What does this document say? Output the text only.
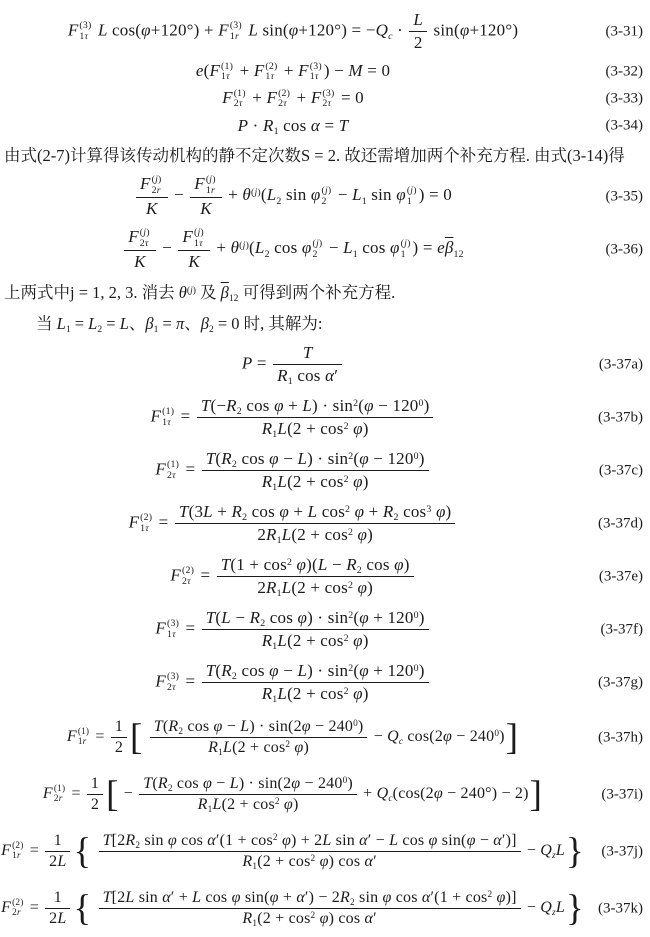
F (3)
1τ L cos(φ+120°) + F (3)
1r L $\sin(\varphi+120^\circ) = -Q_c \cdot \frac{L}{2} \sin(\varphi+120^\circ)$	(3-31)
e(F (1)
1τ + F (2)
1τ + F (3)
1τ ) − M = 0	(3-32)
F (1)
2τ + F (2)
2τ + F (3)
2τ = 0	(3-33)
$P \cdot R_1$ cos α = T	(3-34)
由式(2-7)计算得该传动机构的静不定次数S = 2. 故还需增加两个补充方程. 由式(3-14)得
F (j)
2r
K − F (j)
1r
$K + \theta^{(j)}(L_2$ sin φ (j)
$2 - L_1$ sin φ (j)
1 ) = 0	(3-35)
F (j)
2τ
K − F (j)
1τ
$K + \theta^{(j)}(L_2$ cos φ (j)
$2 - L_1$ cos φ (j)
1 ) = $e\overline{\beta}_{12}$	(3-36)
上两式中j = 1, 2, 3. 消去 $\theta^{(j)}$ 及 $\overline{\beta}_{12}$ 可得到两个补充方程.
当 $L_1 = L_2 = L$、$\beta_1 = \pi$、$\beta_2 = 0$ 时, 其解为:
$P = \frac{T}{R_1 \cos \alpha'}$	(3-37a)
F (1)
$1\tau = \frac{T(-R_2 \cos \varphi + L) \cdot \sin^2(\varphi - 120^0)}{R_1L(2 + \cos^2 \varphi)}$	(3-37b)
F (1)
$2\tau = \frac{T(R_2 \cos \varphi - L) \cdot \sin^2(\varphi - 120^0)}{R_1L(2 + \cos^2 \varphi)}$	(3-37c)
F (2)
$1\tau = \frac{T(3L + R_2 \cos \varphi + L \cos^2 \varphi + R_2 \cos^3 \varphi)}{2R_1L(2 + \cos^2 \varphi)}$	(3-37d)
F (2)
$2\tau = \frac{T(1 + \cos^2 \varphi)(L - R_2 \cos \varphi)}{2R_1L(2 + \cos^2 \varphi)}$	(3-37e)
F (3)
$1\tau = \frac{T(L - R_2 \cos \varphi) \cdot \sin^2(\varphi + 120^0)}{R_1L(2 + \cos^2 \varphi)}$	(3-37f)
F (3)
$2\tau = \frac{T(R_2 \cos \varphi - L) \cdot \sin^2(\varphi + 120^0)}{R_1L(2 + \cos^2 \varphi)}$	(3-37g)
F (1)
$1r = \frac{1}{2}$ [ $\frac{T(R_2 \cos \varphi - L) \cdot \sin(2\varphi - 240^0)}{R_1L(2 + \cos^2 \varphi)} - Q_c$ $\cos(2\varphi - 240^0)$]	(3-37h)
F (1)
$2r = \frac{1}{2}$ [ − $\frac{T(R_2 \cos \varphi - L) \cdot \sin(2\varphi - 240^0)}{R_1L(2 + \cos^2 \varphi)} + Q_c(\cos(2\varphi - 240^\circ) - 2)$]	(3-37i)
F (2)
$1r = \frac{1}{2L}$ { $T[2R_2$ sin φ $\cos \alpha'(1 + \cos^2 \varphi) + 2L$ sin α′ − L cos φ sin(φ − α′)]
$R_1(2 + \cos^2 \varphi)$ cos α′
− $Q_zL$} (3-37j)
F (2)
$2r = \frac{1}{2L}$ { T[2L sin α′ + L cos φ $\sin(\varphi + \alpha') - 2R_2$ sin φ $\cos \alpha'(1 + \cos^2 \varphi)$]
$R_1(2 + \cos^2 \varphi)$ cos α′
− $Q_zL$} (3-37k)
